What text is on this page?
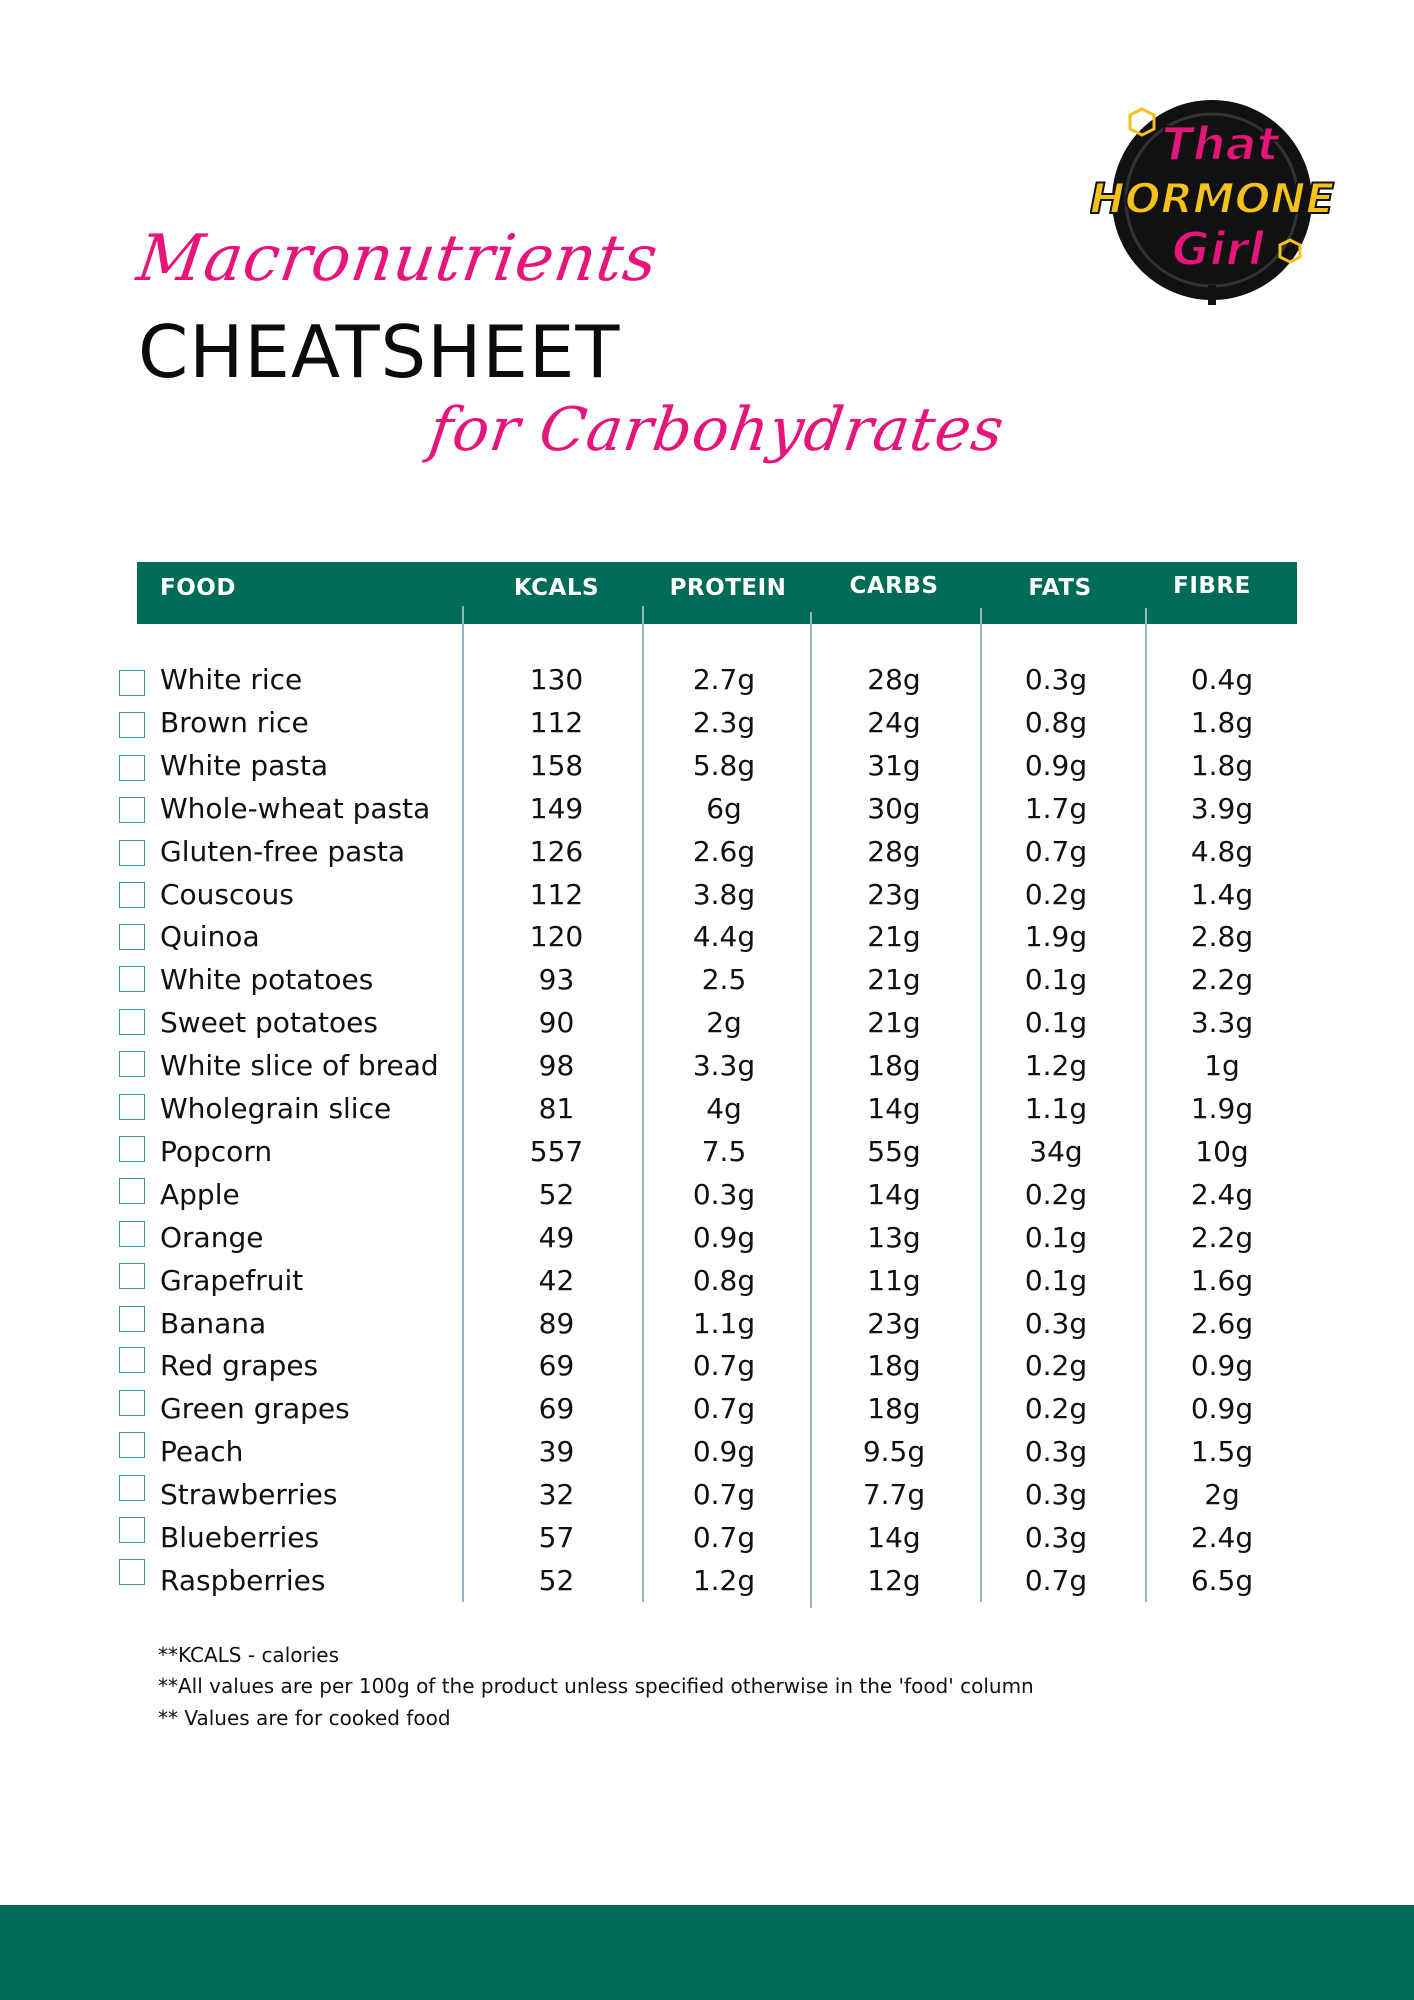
That
HORMONE
Girl
Macronutrients
CHEATSHEET
for Carbohydrates
FOOD	KCALS	PROTEIN	CARBS	FATS	FIBRE
White rice	130	2.7g	28g	0.3g	0.4g
Brown rice	112	2.3g	24g	0.8g	1.8g
White pasta	158	5.8g	31g	0.9g	1.8g
Whole-wheat pasta	149	6g	30g	1.7g	3.9g
Gluten-free pasta	126	2.6g	28g	0.7g	4.8g
Couscous	112	3.8g	23g	0.2g	1.4g
Quinoa	120	4.4g	21g	1.9g	2.8g
White potatoes	93	2.5	21g	0.1g	2.2g
Sweet potatoes	90	2g	21g	0.1g	3.3g
White slice of bread	98	3.3g	18g	1.2g	1g
Wholegrain slice	81	4g	14g	1.1g	1.9g
Popcorn	557	7.5	55g	34g	10g
Apple	52	0.3g	14g	0.2g	2.4g
Orange	49	0.9g	13g	0.1g	2.2g
Grapefruit	42	0.8g	11g	0.1g	1.6g
Banana	89	1.1g	23g	0.3g	2.6g
Red grapes	69	0.7g	18g	0.2g	0.9g
Green grapes	69	0.7g	18g	0.2g	0.9g
Peach	39	0.9g	9.5g	0.3g	1.5g
Strawberries	32	0.7g	7.7g	0.3g	2g
Blueberries	57	0.7g	14g	0.3g	2.4g
Raspberries	52	1.2g	12g	0.7g	6.5g
**KCALS - calories
**All values are per 100g of the product unless specified otherwise in the 'food' column
** Values are for cooked food
